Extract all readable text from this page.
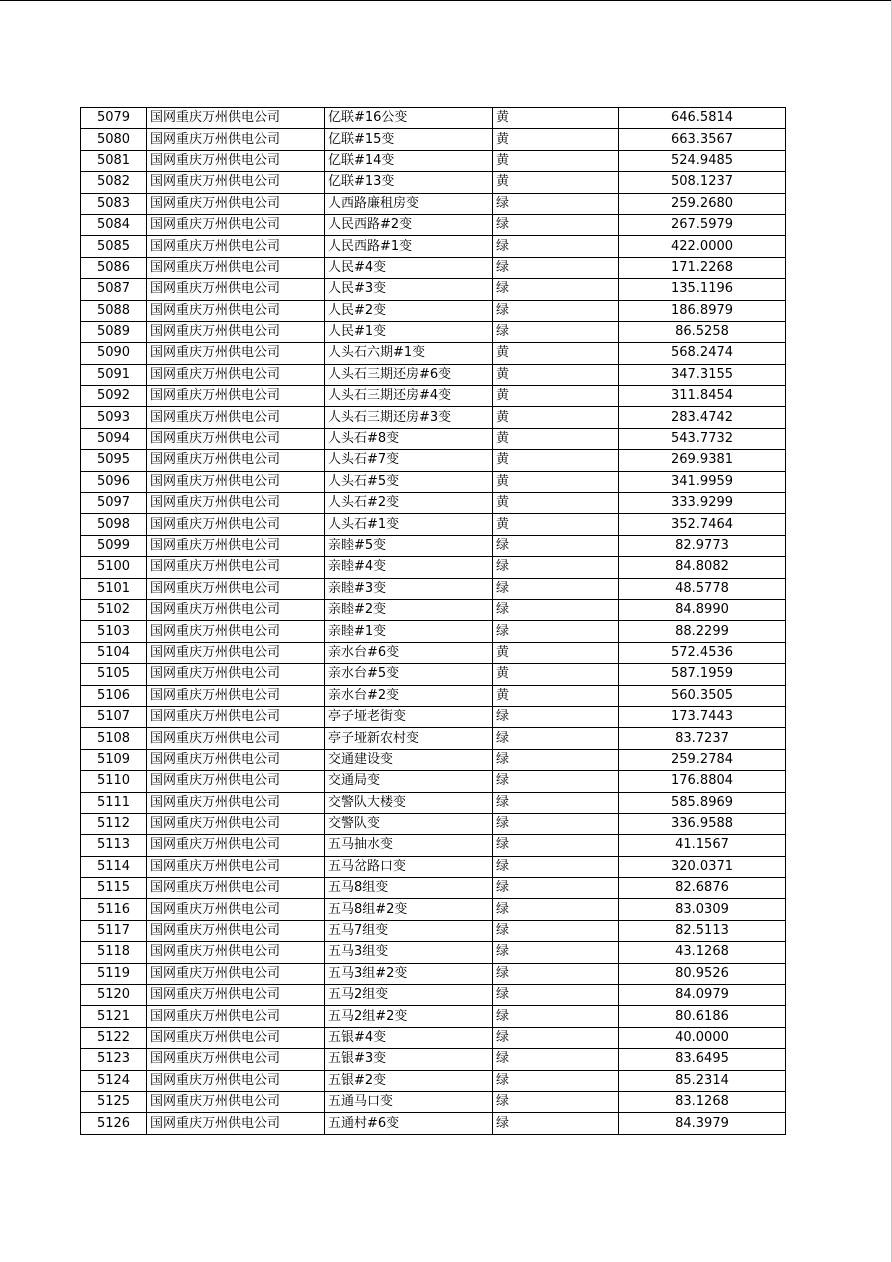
5079	国网重庆万州供电公司	亿联#16公变	黄	646.5814
5080	国网重庆万州供电公司	亿联#15变	黄	663.3567
5081	国网重庆万州供电公司	亿联#14变	黄	524.9485
5082	国网重庆万州供电公司	亿联#13变	黄	508.1237
5083	国网重庆万州供电公司	人西路廉租房变	绿	259.2680
5084	国网重庆万州供电公司	人民西路#2变	绿	267.5979
5085	国网重庆万州供电公司	人民西路#1变	绿	422.0000
5086	国网重庆万州供电公司	人民#4变	绿	171.2268
5087	国网重庆万州供电公司	人民#3变	绿	135.1196
5088	国网重庆万州供电公司	人民#2变	绿	186.8979
5089	国网重庆万州供电公司	人民#1变	绿	86.5258
5090	国网重庆万州供电公司	人头石六期#1变	黄	568.2474
5091	国网重庆万州供电公司	人头石三期还房#6变	黄	347.3155
5092	国网重庆万州供电公司	人头石三期还房#4变	黄	311.8454
5093	国网重庆万州供电公司	人头石三期还房#3变	黄	283.4742
5094	国网重庆万州供电公司	人头石#8变	黄	543.7732
5095	国网重庆万州供电公司	人头石#7变	黄	269.9381
5096	国网重庆万州供电公司	人头石#5变	黄	341.9959
5097	国网重庆万州供电公司	人头石#2变	黄	333.9299
5098	国网重庆万州供电公司	人头石#1变	黄	352.7464
5099	国网重庆万州供电公司	亲睦#5变	绿	82.9773
5100	国网重庆万州供电公司	亲睦#4变	绿	84.8082
5101	国网重庆万州供电公司	亲睦#3变	绿	48.5778
5102	国网重庆万州供电公司	亲睦#2变	绿	84.8990
5103	国网重庆万州供电公司	亲睦#1变	绿	88.2299
5104	国网重庆万州供电公司	亲水台#6变	黄	572.4536
5105	国网重庆万州供电公司	亲水台#5变	黄	587.1959
5106	国网重庆万州供电公司	亲水台#2变	黄	560.3505
5107	国网重庆万州供电公司	亭子垭老街变	绿	173.7443
5108	国网重庆万州供电公司	亭子垭新农村变	绿	83.7237
5109	国网重庆万州供电公司	交通建设变	绿	259.2784
5110	国网重庆万州供电公司	交通局变	绿	176.8804
5111	国网重庆万州供电公司	交警队大楼变	绿	585.8969
5112	国网重庆万州供电公司	交警队变	绿	336.9588
5113	国网重庆万州供电公司	五马抽水变	绿	41.1567
5114	国网重庆万州供电公司	五马岔路口变	绿	320.0371
5115	国网重庆万州供电公司	五马8组变	绿	82.6876
5116	国网重庆万州供电公司	五马8组#2变	绿	83.0309
5117	国网重庆万州供电公司	五马7组变	绿	82.5113
5118	国网重庆万州供电公司	五马3组变	绿	43.1268
5119	国网重庆万州供电公司	五马3组#2变	绿	80.9526
5120	国网重庆万州供电公司	五马2组变	绿	84.0979
5121	国网重庆万州供电公司	五马2组#2变	绿	80.6186
5122	国网重庆万州供电公司	五银#4变	绿	40.0000
5123	国网重庆万州供电公司	五银#3变	绿	83.6495
5124	国网重庆万州供电公司	五银#2变	绿	85.2314
5125	国网重庆万州供电公司	五通马口变	绿	83.1268
5126	国网重庆万州供电公司	五通村#6变	绿	84.3979
